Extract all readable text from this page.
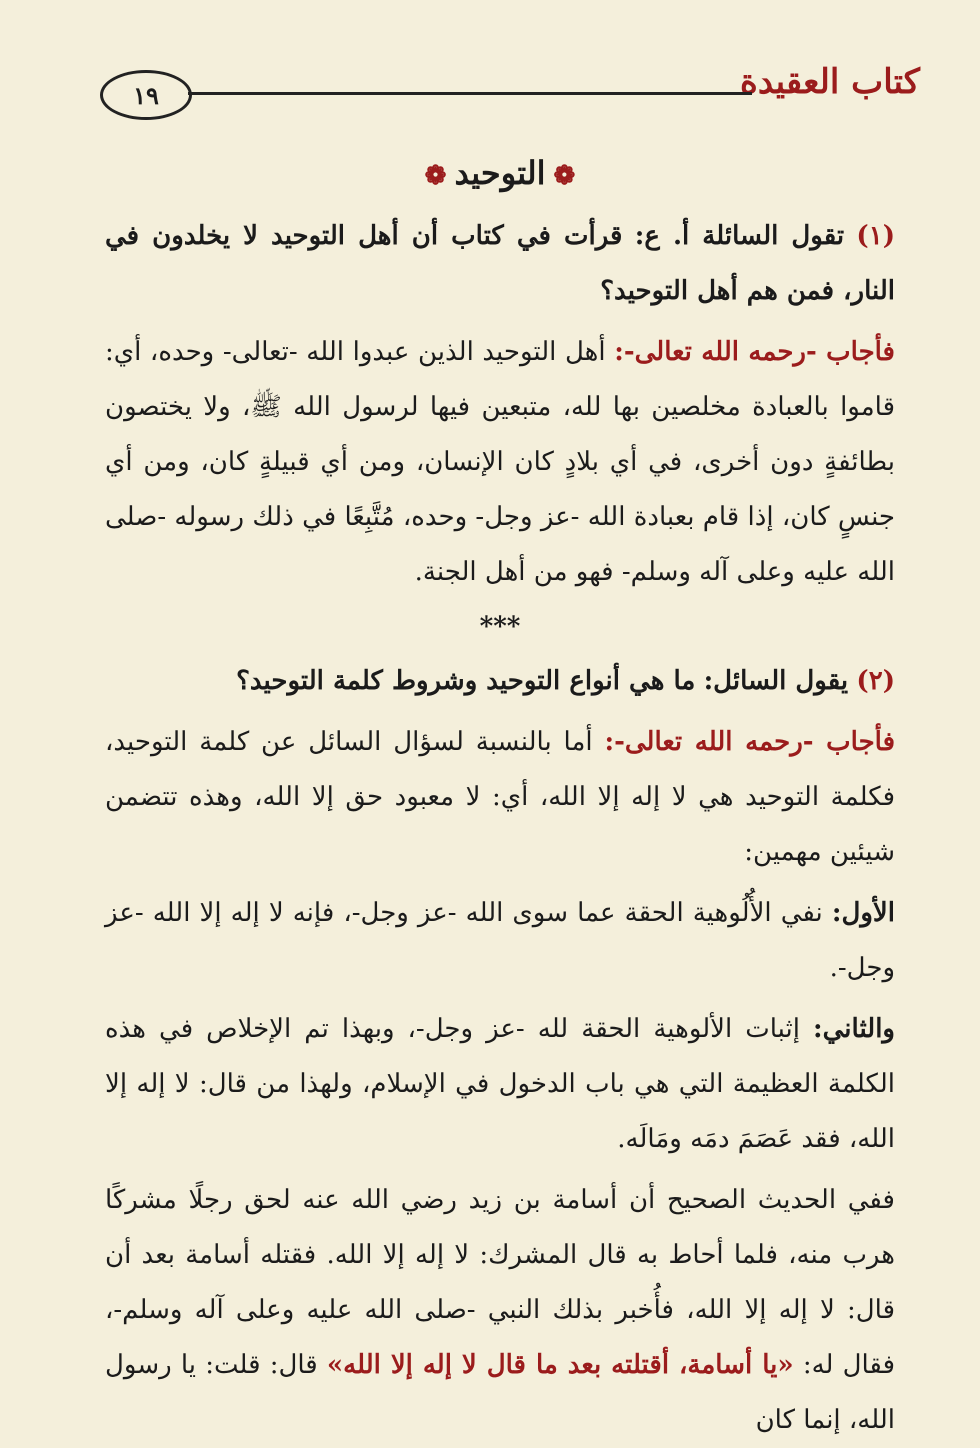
كتاب العقيدة
١٩

❁التوحيد❁

(١) تقول السائلة أ. ع: قرأت في كتاب أن أهل التوحيد لا يخلدون في النار، فمن هم أهل التوحيد؟

فأجاب -رحمه الله تعالى-: أهل التوحيد الذين عبدوا الله -تعالى- وحده، أي: قاموا بالعبادة مخلصين بها لله، متبعين فيها لرسول الله ﷺ، ولا يختصون بطائفةٍ دون أخرى، في أي بلادٍ كان الإنسان، ومن أي قبيلةٍ كان، ومن أي جنسٍ كان، إذا قام بعبادة الله -عز وجل- وحده، مُتَّبِعًا في ذلك رسوله -صلى الله عليه وعلى آله وسلم- فهو من أهل الجنة.

***

(٢) يقول السائل: ما هي أنواع التوحيد وشروط كلمة التوحيد؟

فأجاب -رحمه الله تعالى-: أما بالنسبة لسؤال السائل عن كلمة التوحيد، فكلمة التوحيد هي لا إله إلا الله، أي: لا معبود حق إلا الله، وهذه تتضمن شيئين مهمين:

الأول: نفي الأُلُوهية الحقة عما سوى الله -عز وجل-، فإنه لا إله إلا الله -عز وجل-.

والثاني: إثبات الألوهية الحقة لله -عز وجل-، وبهذا تم الإخلاص في هذه الكلمة العظيمة التي هي باب الدخول في الإسلام، ولهذا من قال: لا إله إلا الله، فقد عَصَمَ دمَه ومَالَه.

ففي الحديث الصحيح أن أسامة بن زيد رضي الله عنه لحق رجلًا مشركًا هرب منه، فلما أحاط به قال المشرك: لا إله إلا الله. فقتله أسامة بعد أن قال: لا إله إلا الله، فأُخبر بذلك النبي -صلى الله عليه وعلى آله وسلم-، فقال له: «يا أسامة، أقتلته بعد ما قال لا إله إلا الله» قال: قلت: يا رسول الله، إنما كان
